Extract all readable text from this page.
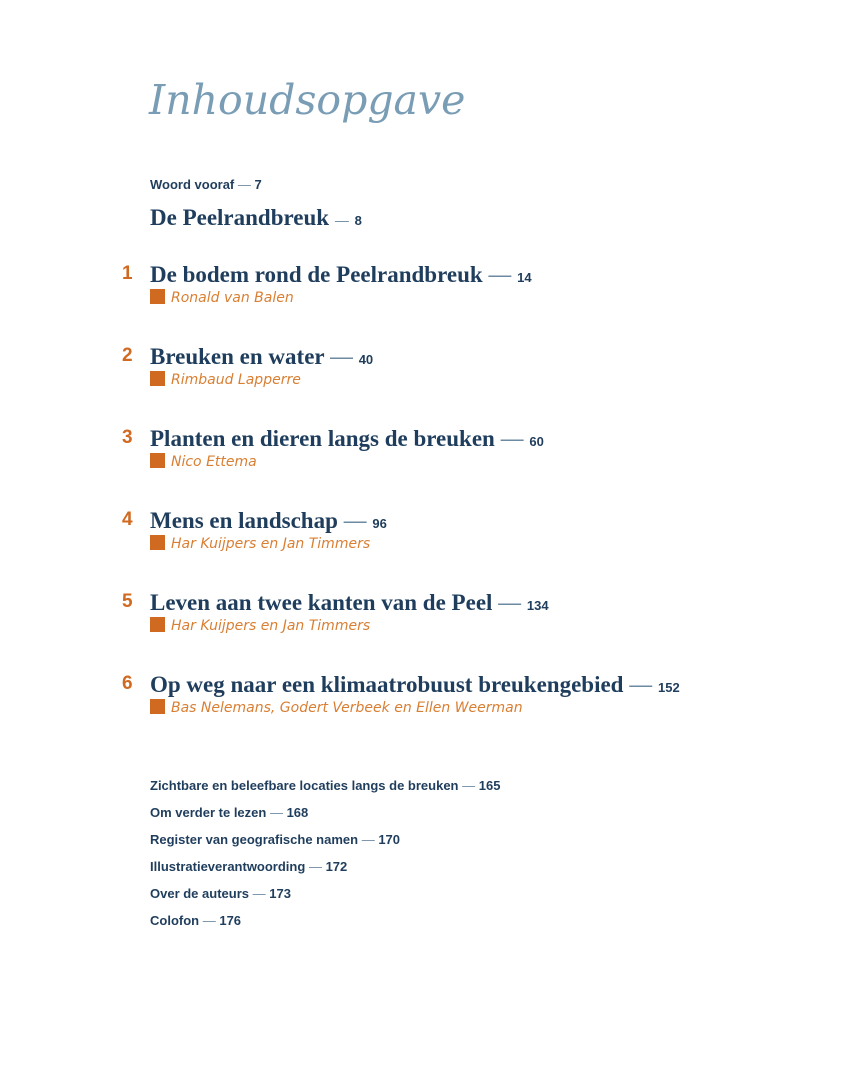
Inhoudsopgave
Woord vooraf — 7
De Peelrandbreuk — 8
1 De bodem rond de Peelrandbreuk — 14
Ronald van Balen
2 Breuken en water — 40
Rimbaud Lapperre
3 Planten en dieren langs de breuken — 60
Nico Ettema
4 Mens en landschap — 96
Har Kuijpers en Jan Timmers
5 Leven aan twee kanten van de Peel — 134
Har Kuijpers en Jan Timmers
6 Op weg naar een klimaatrobuust breukengebied — 152
Bas Nelemans, Godert Verbeek en Ellen Weerman
Zichtbare en beleefbare locaties langs de breuken — 165
Om verder te lezen — 168
Register van geografische namen — 170
Illustratieverantwoording — 172
Over de auteurs — 173
Colofon — 176
